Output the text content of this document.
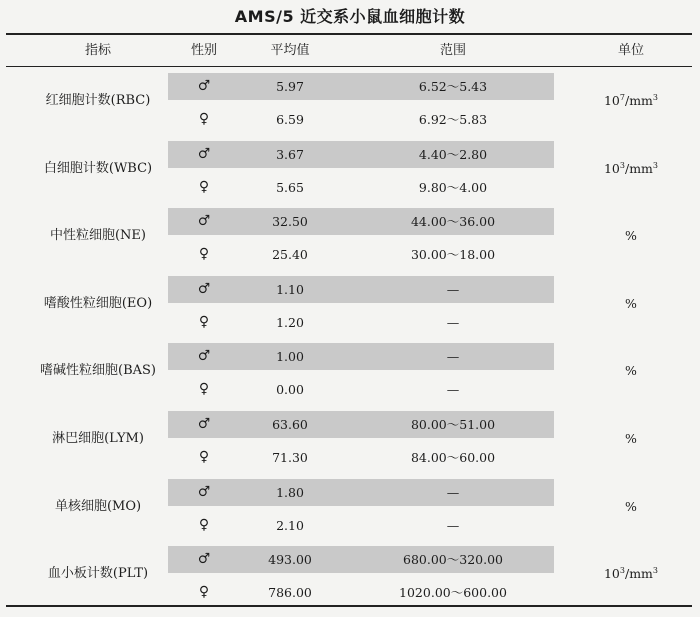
AMS/5 近交系小鼠血细胞计数
指标	性别	平均值	范围	单位
红细胞计数(RBC)
♂	5.97	6.52～5.43
♀	6.59	6.92～5.83
$10^7/mm^3$
白细胞计数(WBC)
♂	3.67	4.40～2.80
♀	5.65	9.80～4.00
$10^3/mm^3$
中性粒细胞(NE)
♂	32.50	44.00～36.00
♀	25.40	30.00～18.00
%
嗜酸性粒细胞(EO)
♂	1.10	—
♀	1.20	—
%
嗜碱性粒细胞(BAS)
♂	1.00	—
♀	0.00	—
%
淋巴细胞(LYM)
♂	63.60	80.00～51.00
♀	71.30	84.00～60.00
%
单核细胞(MO)
♂	1.80	—
♀	2.10	—
%
血小板计数(PLT)
♂	493.00	680.00～320.00
♀	786.00	1020.00～600.00
$10^3/mm^3$
